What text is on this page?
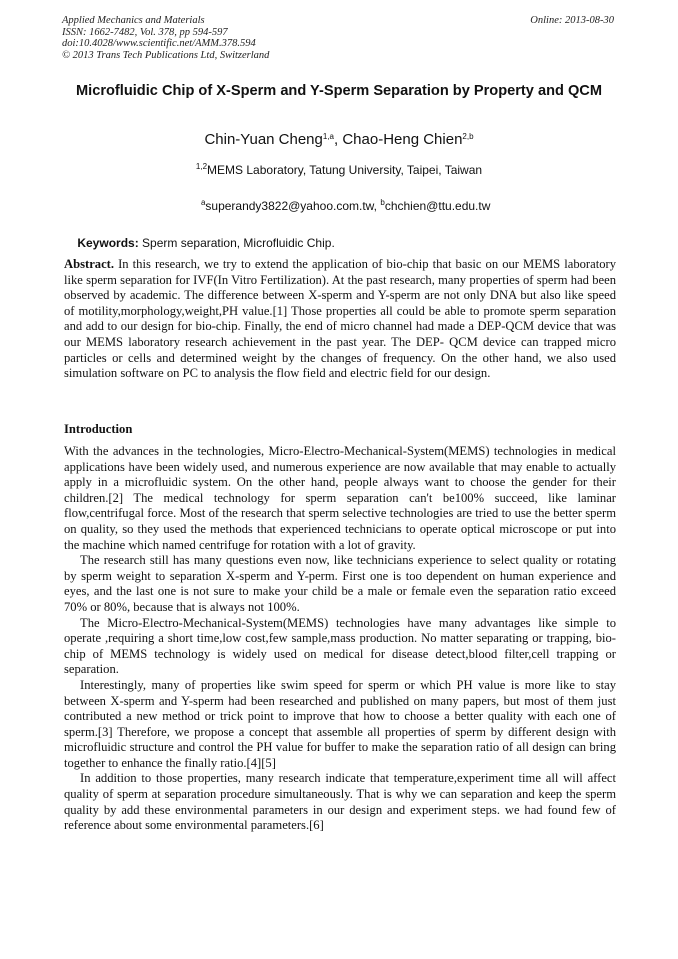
Applied Mechanics and Materials
ISSN: 1662-7482, Vol. 378, pp 594-597
doi:10.4028/www.scientific.net/AMM.378.594
© 2013 Trans Tech Publications Ltd, Switzerland
Online: 2013-08-30
Microfluidic Chip of X-Sperm and Y-Sperm Separation by Property and QCM
Chin-Yuan Cheng$^{1,a}$, Chao-Heng Chien$^{2,b}$
$^{1,2}$MEMS Laboratory, Tatung University, Taipei, Taiwan

$^a$superandy3822@yahoo.com.tw, $^b$chchien@ttu.edu.tw

Keywords: Sperm separation, Microfluidic Chip.

Abstract. In this research, we try to extend the application of bio-chip that basic on our MEMS laboratory like sperm separation for IVF(In Vitro Fertilization). At the past research, many properties of sperm had been observed by academic. The difference between X-sperm and Y-sperm are not only DNA but also like speed of motility,morphology,weight,PH value.[1] Those properties all could be able to promote sperm separation and add to our design for bio-chip. Finally, the end of micro channel had made a DEP-QCM device that was our MEMS laboratory research achievement in the past year. The DEP- QCM device can trapped micro particles or cells and determined weight by the changes of frequency. On the other hand, we also used simulation software on PC to analysis the flow field and electric field for our design.
Introduction

With the advances in the technologies, Micro-Electro-Mechanical-System(MEMS) technologies in medical applications have been widely used, and numerous experience are now available that may enable to actually apply in a microfluidic system. On the other hand, people always want to choose the gender for their children.[2] The medical technology for sperm separation can't be100% succeed, like laminar flow,centrifugal force. Most of the research that sperm selective technologies are tried to use the better sperm on quality, so they used the methods that experienced technicians to operate optical microscope or put into the machine which named centrifuge for rotation with a lot of gravity.

The research still has many questions even now, like technicians experience to select quality or rotating by sperm weight to separation X-sperm and Y-perm. First one is too dependent on human experience and eyes, and the last one is not sure to make your child be a male or female even the separation ratio exceed 70% or 80%, because that is always not 100%.

The Micro-Electro-Mechanical-System(MEMS) technologies have many advantages like simple to operate ,requiring a short time,low cost,few sample,mass production. No matter separating or trapping, bio-chip of MEMS technology is widely used on medical for disease detect,blood filter,cell trapping or separation.

Interestingly, many of properties like swim speed for sperm or which PH value is more like to stay between X-sperm and Y-sperm had been researched and published on many papers, but most of them just contributed a new method or trick point to improve that how to choose a better quality with each one of sperm.[3] Therefore, we propose a concept that assemble all properties of sperm by different design with microfluidic structure and control the PH value for buffer to make the separation ratio of all design can bring together to enhance the finally ratio.[4][5]

In addition to those properties, many research indicate that temperature,experiment time all will affect quality of sperm at separation procedure simultaneously. That is why we can separation and keep the sperm quality by add these environmental parameters in our design and experiment steps. we had found few of reference about some environmental parameters.[6]
